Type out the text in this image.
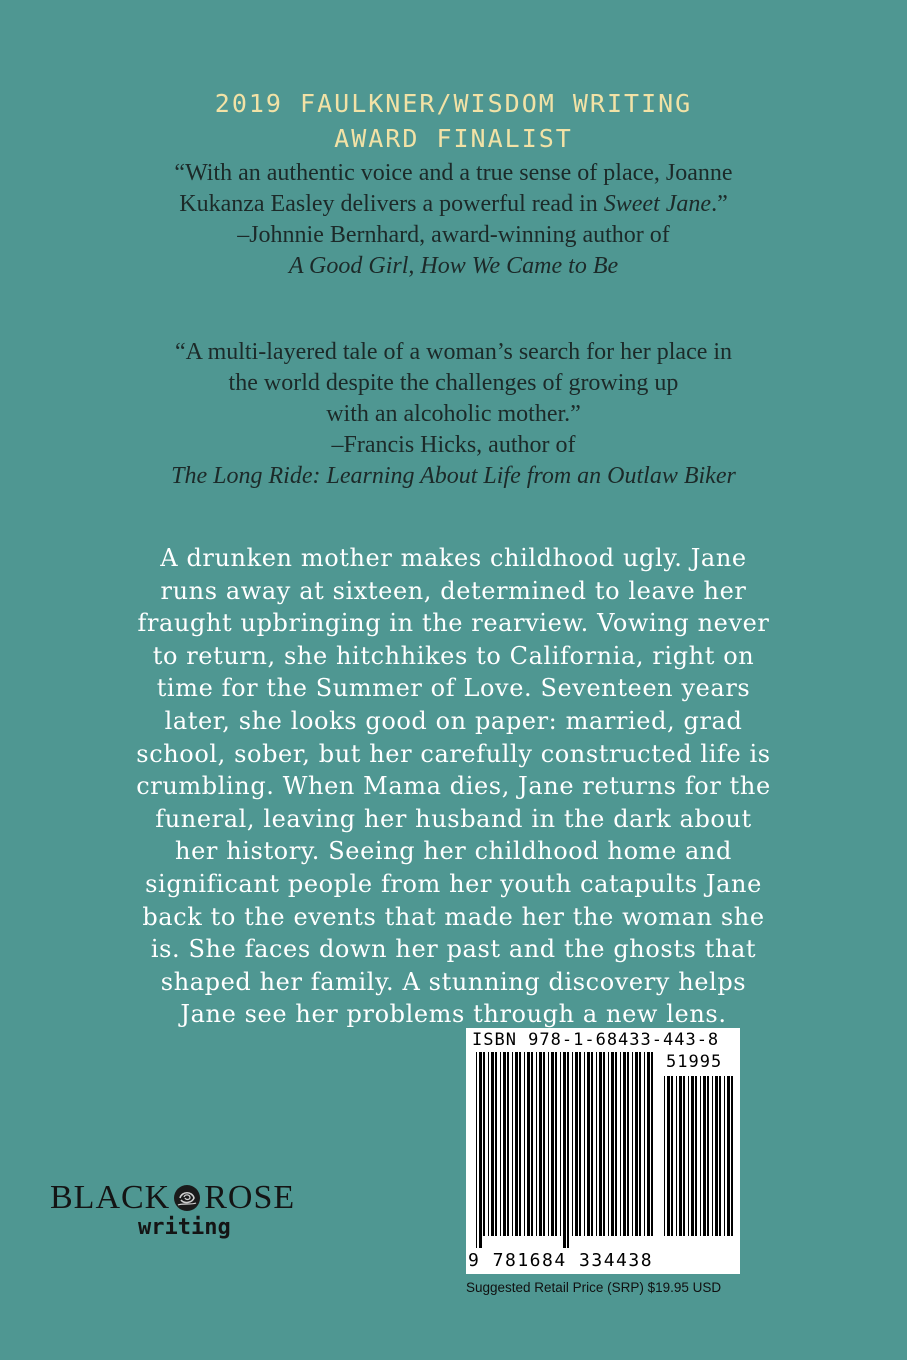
2019 FAULKNER/WISDOM WRITING
AWARD FINALIST

“With an authentic voice and a true sense of place, Joanne

Kukanza Easley delivers a powerful read in Sweet Jane.”

–Johnnie Bernhard, award-winning author of

A Good Girl, How We Came to Be

“A multi-layered tale of a woman’s search for her place in

the world despite the challenges of growing up

with an alcoholic mother.”

–Francis Hicks, author of

The Long Ride: Learning About Life from an Outlaw Biker

A drunken mother makes childhood ugly. Jane

runs away at sixteen, determined to leave her

fraught upbringing in the rearview. Vowing never

to return, she hitchhikes to California, right on

time for the Summer of Love. Seventeen years

later, she looks good on paper: married, grad

school, sober, but her carefully constructed life is

crumbling. When Mama dies, Jane returns for the

funeral, leaving her husband in the dark about

her history. Seeing her childhood home and

significant people from her youth catapults Jane

back to the events that made her the woman she

is. She faces down her past and the ghosts that

shaped her family. A stunning discovery helps

Jane see her problems through a new lens.

BLACK ROSE
writing
ISBN 978-1-68433-443-8
51995
9 781684 334438
Suggested Retail Price (SRP) $19.95 USD
